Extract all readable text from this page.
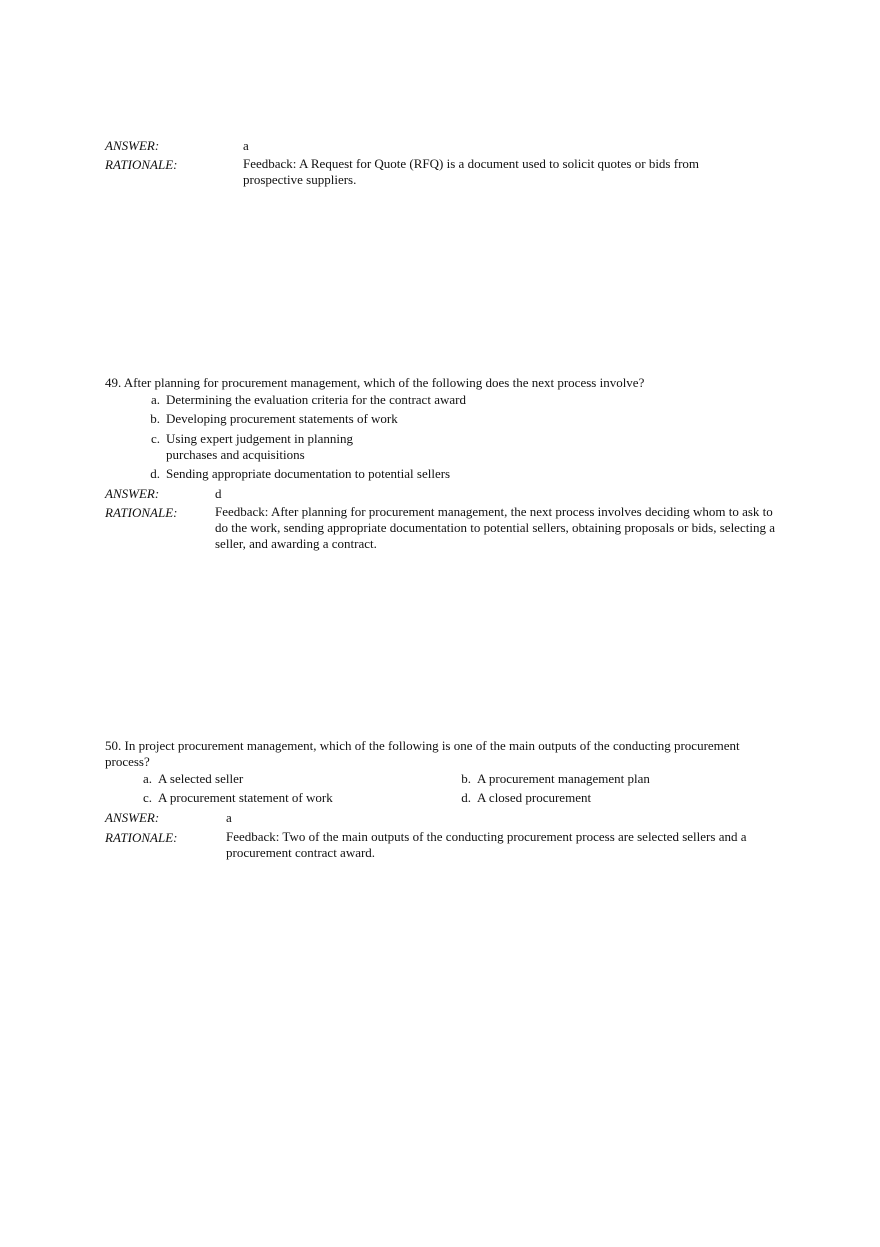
ANSWER:	a
RATIONALE:	Feedback: A Request for Quote (RFQ) is a document used to solicit quotes or bids from prospective suppliers.
49. After planning for procurement management, which of the following does the next process involve?
a. Determining the evaluation criteria for the contract award
b. Developing procurement statements of work
c. Using expert judgement in planning
purchases and acquisitions
d. Sending appropriate documentation to potential sellers
ANSWER:	d
RATIONALE:	Feedback: After planning for procurement management, the next process involves deciding whom to ask to do the work, sending appropriate documentation to potential sellers, obtaining proposals or bids, selecting a seller, and awarding a contract.
50. In project procurement management, which of the following is one of the main outputs of the conducting procurement process?
a. A selected seller	b. A procurement management plan
c. A procurement statement of work	d. A closed procurement
ANSWER:	a
RATIONALE:	Feedback: Two of the main outputs of the conducting procurement process are selected sellers and a procurement contract award.
